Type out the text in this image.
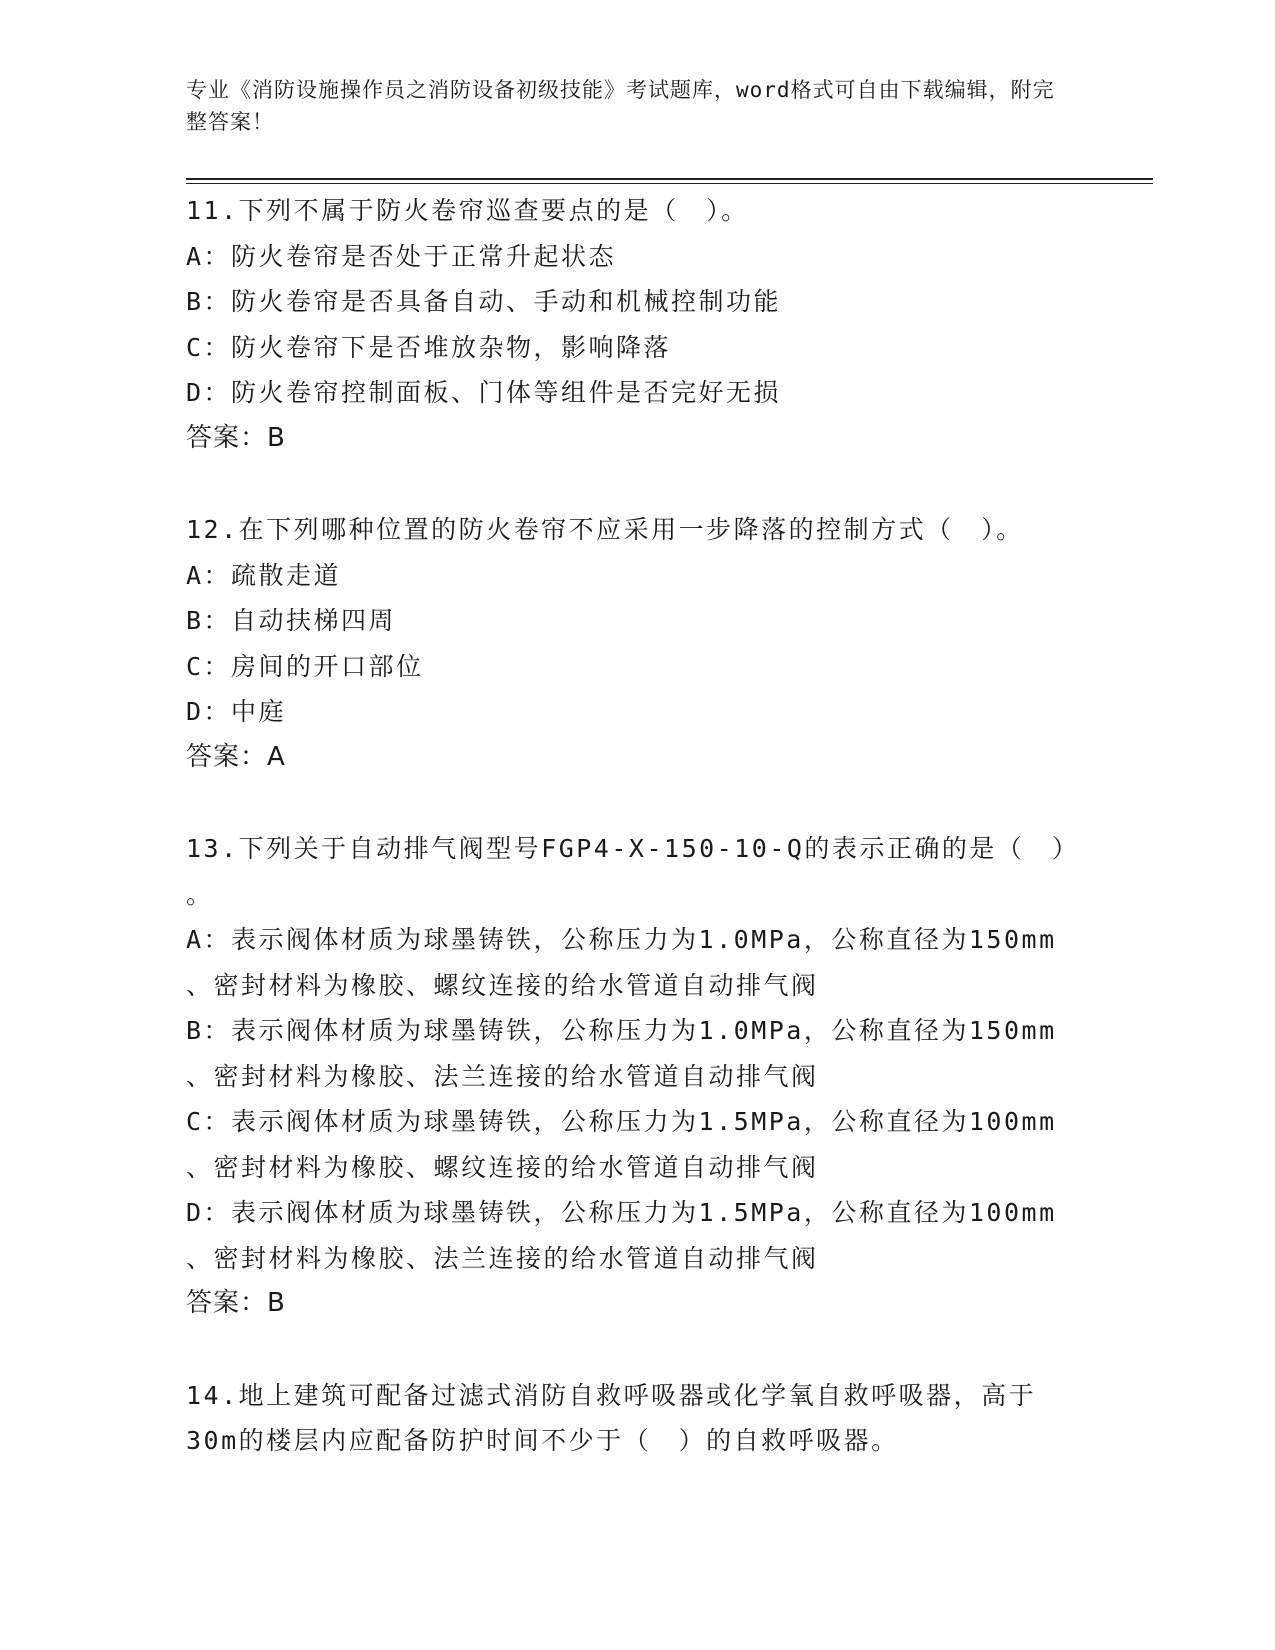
专业《消防设施操作员之消防设备初级技能》考试题库，word格式可自由下载编辑，附完整答案！
11.下列不属于防火卷帘巡查要点的是（　）。
A：防火卷帘是否处于正常升起状态
B：防火卷帘是否具备自动、手动和机械控制功能
C：防火卷帘下是否堆放杂物，影响降落
D：防火卷帘控制面板、门体等组件是否完好无损
答案：B
12.在下列哪种位置的防火卷帘不应采用一步降落的控制方式（　）。
A：疏散走道
B：自动扶梯四周
C：房间的开口部位
D：中庭
答案：A
13.下列关于自动排气阀型号FGP4-X-150-10-Q的表示正确的是（　）
。
A：表示阀体材质为球墨铸铁，公称压力为1.0MPa，公称直径为150mm
、密封材料为橡胶、螺纹连接的给水管道自动排气阀
B：表示阀体材质为球墨铸铁，公称压力为1.0MPa，公称直径为150mm
、密封材料为橡胶、法兰连接的给水管道自动排气阀
C：表示阀体材质为球墨铸铁，公称压力为1.5MPa，公称直径为100mm
、密封材料为橡胶、螺纹连接的给水管道自动排气阀
D：表示阀体材质为球墨铸铁，公称压力为1.5MPa，公称直径为100mm
、密封材料为橡胶、法兰连接的给水管道自动排气阀
答案：B
14.地上建筑可配备过滤式消防自救呼吸器或化学氧自救呼吸器，高于
30m的楼层内应配备防护时间不少于（　）的自救呼吸器。
